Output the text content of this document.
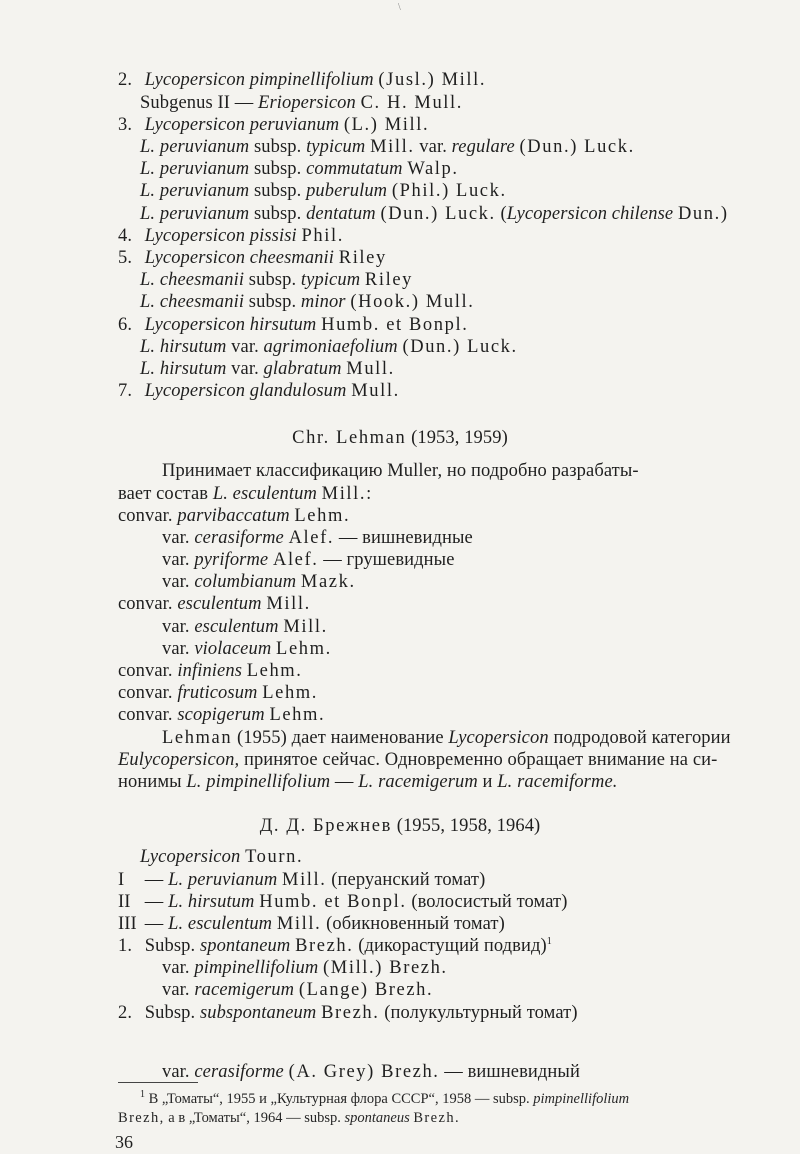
\
2. Lycopersicon pimpinellifolium (Jusl.) Mill.
Subgenus II — Eriopersicon C. H. Mull.
3. Lycopersicon peruvianum (L.) Mill.
L. peruvianum subsp. typicum Mill. var. regulare (Dun.) Luck.
L. peruvianum subsp. commutatum Walp.
L. peruvianum subsp. puberulum (Phil.) Luck.
L. peruvianum subsp. dentatum (Dun.) Luck. (Lycopersicon chilense Dun.)
4. Lycopersicon pissisi Phil.
5. Lycopersicon cheesmanii Riley
L. cheesmanii subsp. typicum Riley
L. cheesmanii subsp. minor (Hook.) Mull.
6. Lycopersicon hirsutum Humb. et Bonpl.
L. hirsutum var. agrimoniaefolium (Dun.) Luck.
L. hirsutum var. glabratum Mull.
7. Lycopersicon glandulosum Mull.
Chr. Lehman (1953, 1959)
Принимает классификацию Muller, но подробно разрабаты-
вает состав L. esculentum Mill.:
convar. parvibaccatum Lehm.
var. cerasiforme Alef. — вишневидные
var. pyriforme Alef. — грушевидные
var. columbianum Mazk.
convar. esculentum Mill.
var. esculentum Mill.
var. violaceum Lehm.
convar. infiniens Lehm.
convar. fruticosum Lehm.
convar. scopigerum Lehm.
Lehman (1955) дает наименование Lycopersicon подродовой категории
Eulycopersicon, принятое сейчас. Одновременно обращает внимание на си-
нонимы L. pimpinellifolium — L. racemigerum и L. racemiforme.
Д. Д. Брежнев (1955, 1958, 1964)
Lycopersicon Tourn.
I — L. peruvianum Mill. (перуанский томат)
II — L. hirsutum Humb. et Bonpl. (волосистый томат)
III — L. esculentum Mill. (обикновенный томат)
1. Subsp. spontaneum Brezh. (дикорастущий подвид)$^1$
var. pimpinellifolium (Mill.) Brezh.
var. racemigerum (Lange) Brezh.
2. Subsp. subspontaneum Brezh. (полукультурный томат)
var. cerasiforme (A. Grey) Brezh. — вишневидный
$^1$ В „Томаты“, 1955 и „Культурная флора СССР“, 1958 — subsp. pimpinellifolium
Brezh, а в „Томаты“, 1964 — subsp. spontaneus Brezh.
36
